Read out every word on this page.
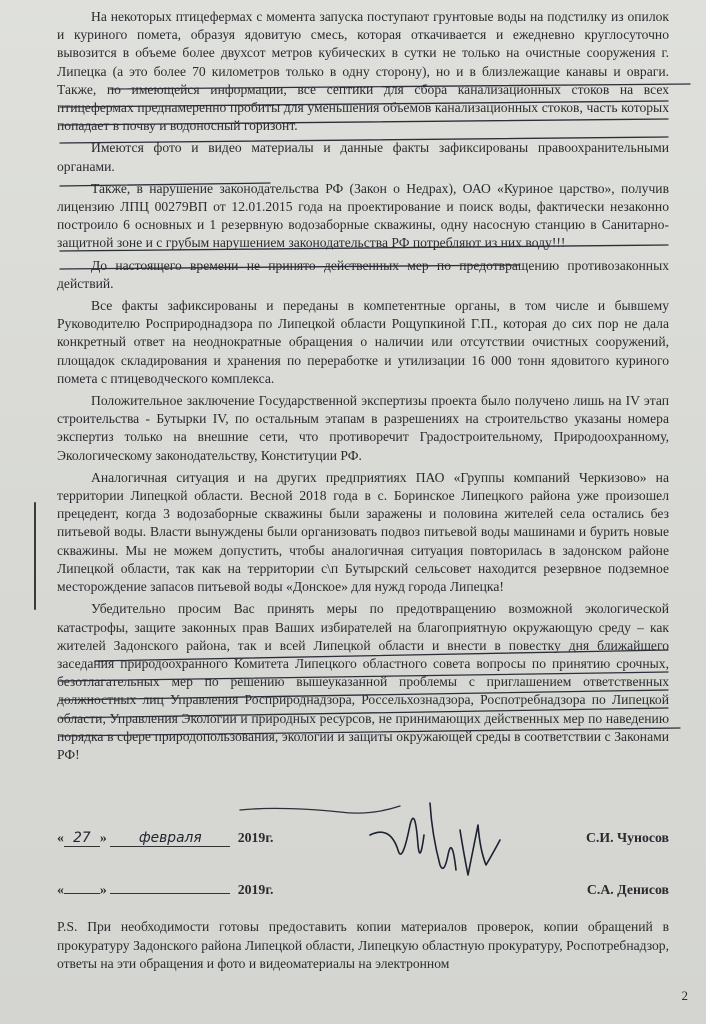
На некоторых птицефермах с момента запуска поступают грунтовые воды на подстилку из опилок и куриного помета, образуя ядовитую смесь, которая откачивается и ежедневно круглосуточно вывозится в объеме более двухсот метров кубических в сутки не только на очистные сооружения г. Липецка (а это более 70 километров только в одну сторону), но и в близлежащие канавы и овраги. Также, по имеющейся информации, все септики для сбора канализационных стоков на всех птицефермах преднамеренно пробиты для уменьшения объемов канализационных стоков, часть которых попадает в почву и водоносный горизонт.

Имеются фото и видео материалы и данные факты зафиксированы правоохранительными органами.

Также, в нарушение законодательства РФ (Закон о Недрах), ОАО «Куриное царство», получив лицензию ЛПЦ 00279ВП от 12.01.2015 года на проектирование и поиск воды, фактически незаконно построило 6 основных и 1 резервную водозаборные скважины, одну насосную станцию в Санитарно-защитной зоне и с грубым нарушением законодательства РФ потребляют из них воду!!!

До настоящего времени не принято действенных мер по предотвращению противозаконных действий.

Все факты зафиксированы и переданы в компетентные органы, в том числе и бывшему Руководителю Росприроднадзора по Липецкой области Рощупкиной Г.П., которая до сих пор не дала конкретный ответ на неоднократные обращения о наличии или отсутствии очистных сооружений, площадок складирования и хранения по переработке и утилизации 16 000 тонн ядовитого куриного помета с птицеводческого комплекса.

Положительное заключение Государственной экспертизы проекта было получено лишь на IV этап строительства - Бутырки IV, по остальным этапам в разрешениях на строительство указаны номера экспертиз только на внешние сети, что противоречит Градостроительному, Природоохранному, Экологическому законодательству, Конституции РФ.

Аналогичная ситуация и на других предприятиях ПАО «Группы компаний Черкизово» на территории Липецкой области. Весной 2018 года в с. Боринское Липецкого района уже произошел прецедент, когда 3 водозаборные скважины были заражены и половина жителей села остались без питьевой воды. Власти вынуждены были организовать подвоз питьевой воды машинами и бурить новые скважины. Мы не можем допустить, чтобы аналогичная ситуация повторилась в задонском районе Липецкой области, так как на территории с\п Бутырский сельсовет находится резервное подземное месторождение запасов питьевой воды «Донское» для нужд города Липецка!

Убедительно просим Вас принять меры по предотвращению возможной экологической катастрофы, защите законных прав Ваших избирателей на благоприятную окружающую среду – как жителей Задонского района, так и всей Липецкой области и внести в повестку дня ближайшего заседания природоохранного Комитета Липецкого областного совета вопросы по принятию срочных, безотлагательных мер по решению вышеуказанной проблемы с приглашением ответственных должностных лиц Управления Росприроднадзора, Россельхознадзора, Роспотребнадзора по Липецкой области, Управления Экологии и природных ресурсов, не принимающих действенных мер по наведению порядка в сфере природопользования, экологии и защиты окружающей среды в соответствии с Законами РФ!

« 27 » февраля	2019г.	С.И. Чуносов
«	»	2019г.	С.А. Денисов
P.S. При необходимости готовы предоставить копии материалов проверок, копии обращений в прокуратуру Задонского района Липецкой области, Липецкую областную прокуратуру, Роспотребнадзор, ответы на эти обращения и фото и видеоматериалы на электронном
2
